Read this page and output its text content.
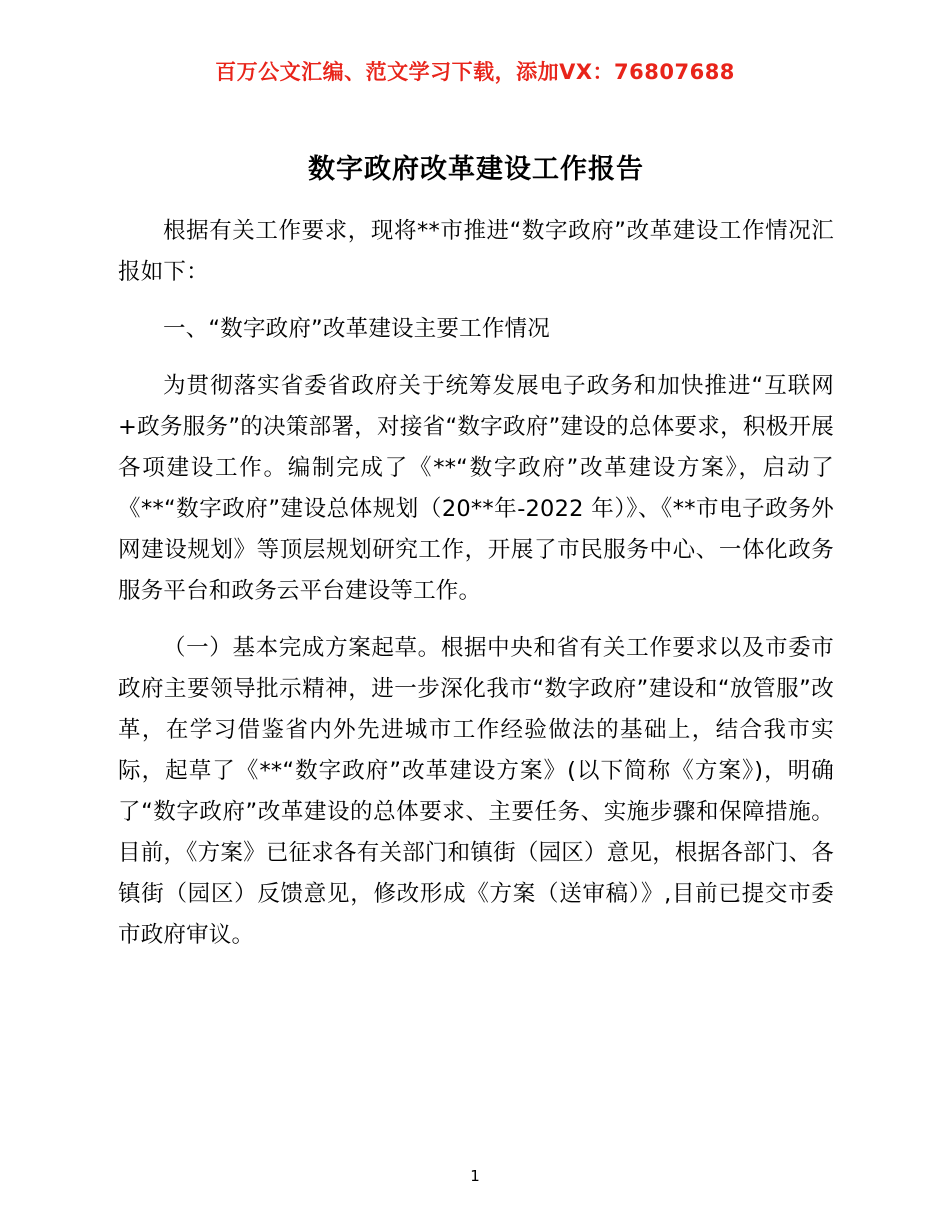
百万公文汇编、范文学习下载，添加VX：76807688
数字政府改革建设工作报告

根据有关工作要求，现将**市推进“数字政府”改革建设工作情况汇报如下：

一、“数字政府”改革建设主要工作情况

为贯彻落实省委省政府关于统筹发展电子政务和加快推进“互联网+政务服务”的决策部署，对接省“数字政府”建设的总体要求，积极开展各项建设工作。编制完成了《**“数字政府”改革建设方案》，启动了《**“数字政府”建设总体规划（20**年-2022 年）》、《**市电子政务外网建设规划》等顶层规划研究工作，开展了市民服务中心、一体化政务服务平台和政务云平台建设等工作。

（一）基本完成方案起草。根据中央和省有关工作要求以及市委市政府主要领导批示精神，进一步深化我市“数字政府”建设和“放管服”改革，在学习借鉴省内外先进城市工作经验做法的基础上，结合我市实际，起草了《**“数字政府”改革建设方案》(以下简称《方案》)，明确了“数字政府”改革建设的总体要求、主要任务、实施步骤和保障措施。目前，《方案》已征求各有关部门和镇街（园区）意见，根据各部门、各镇街（园区）反馈意见，修改形成《方案（送审稿）》,目前已提交市委市政府审议。

1
